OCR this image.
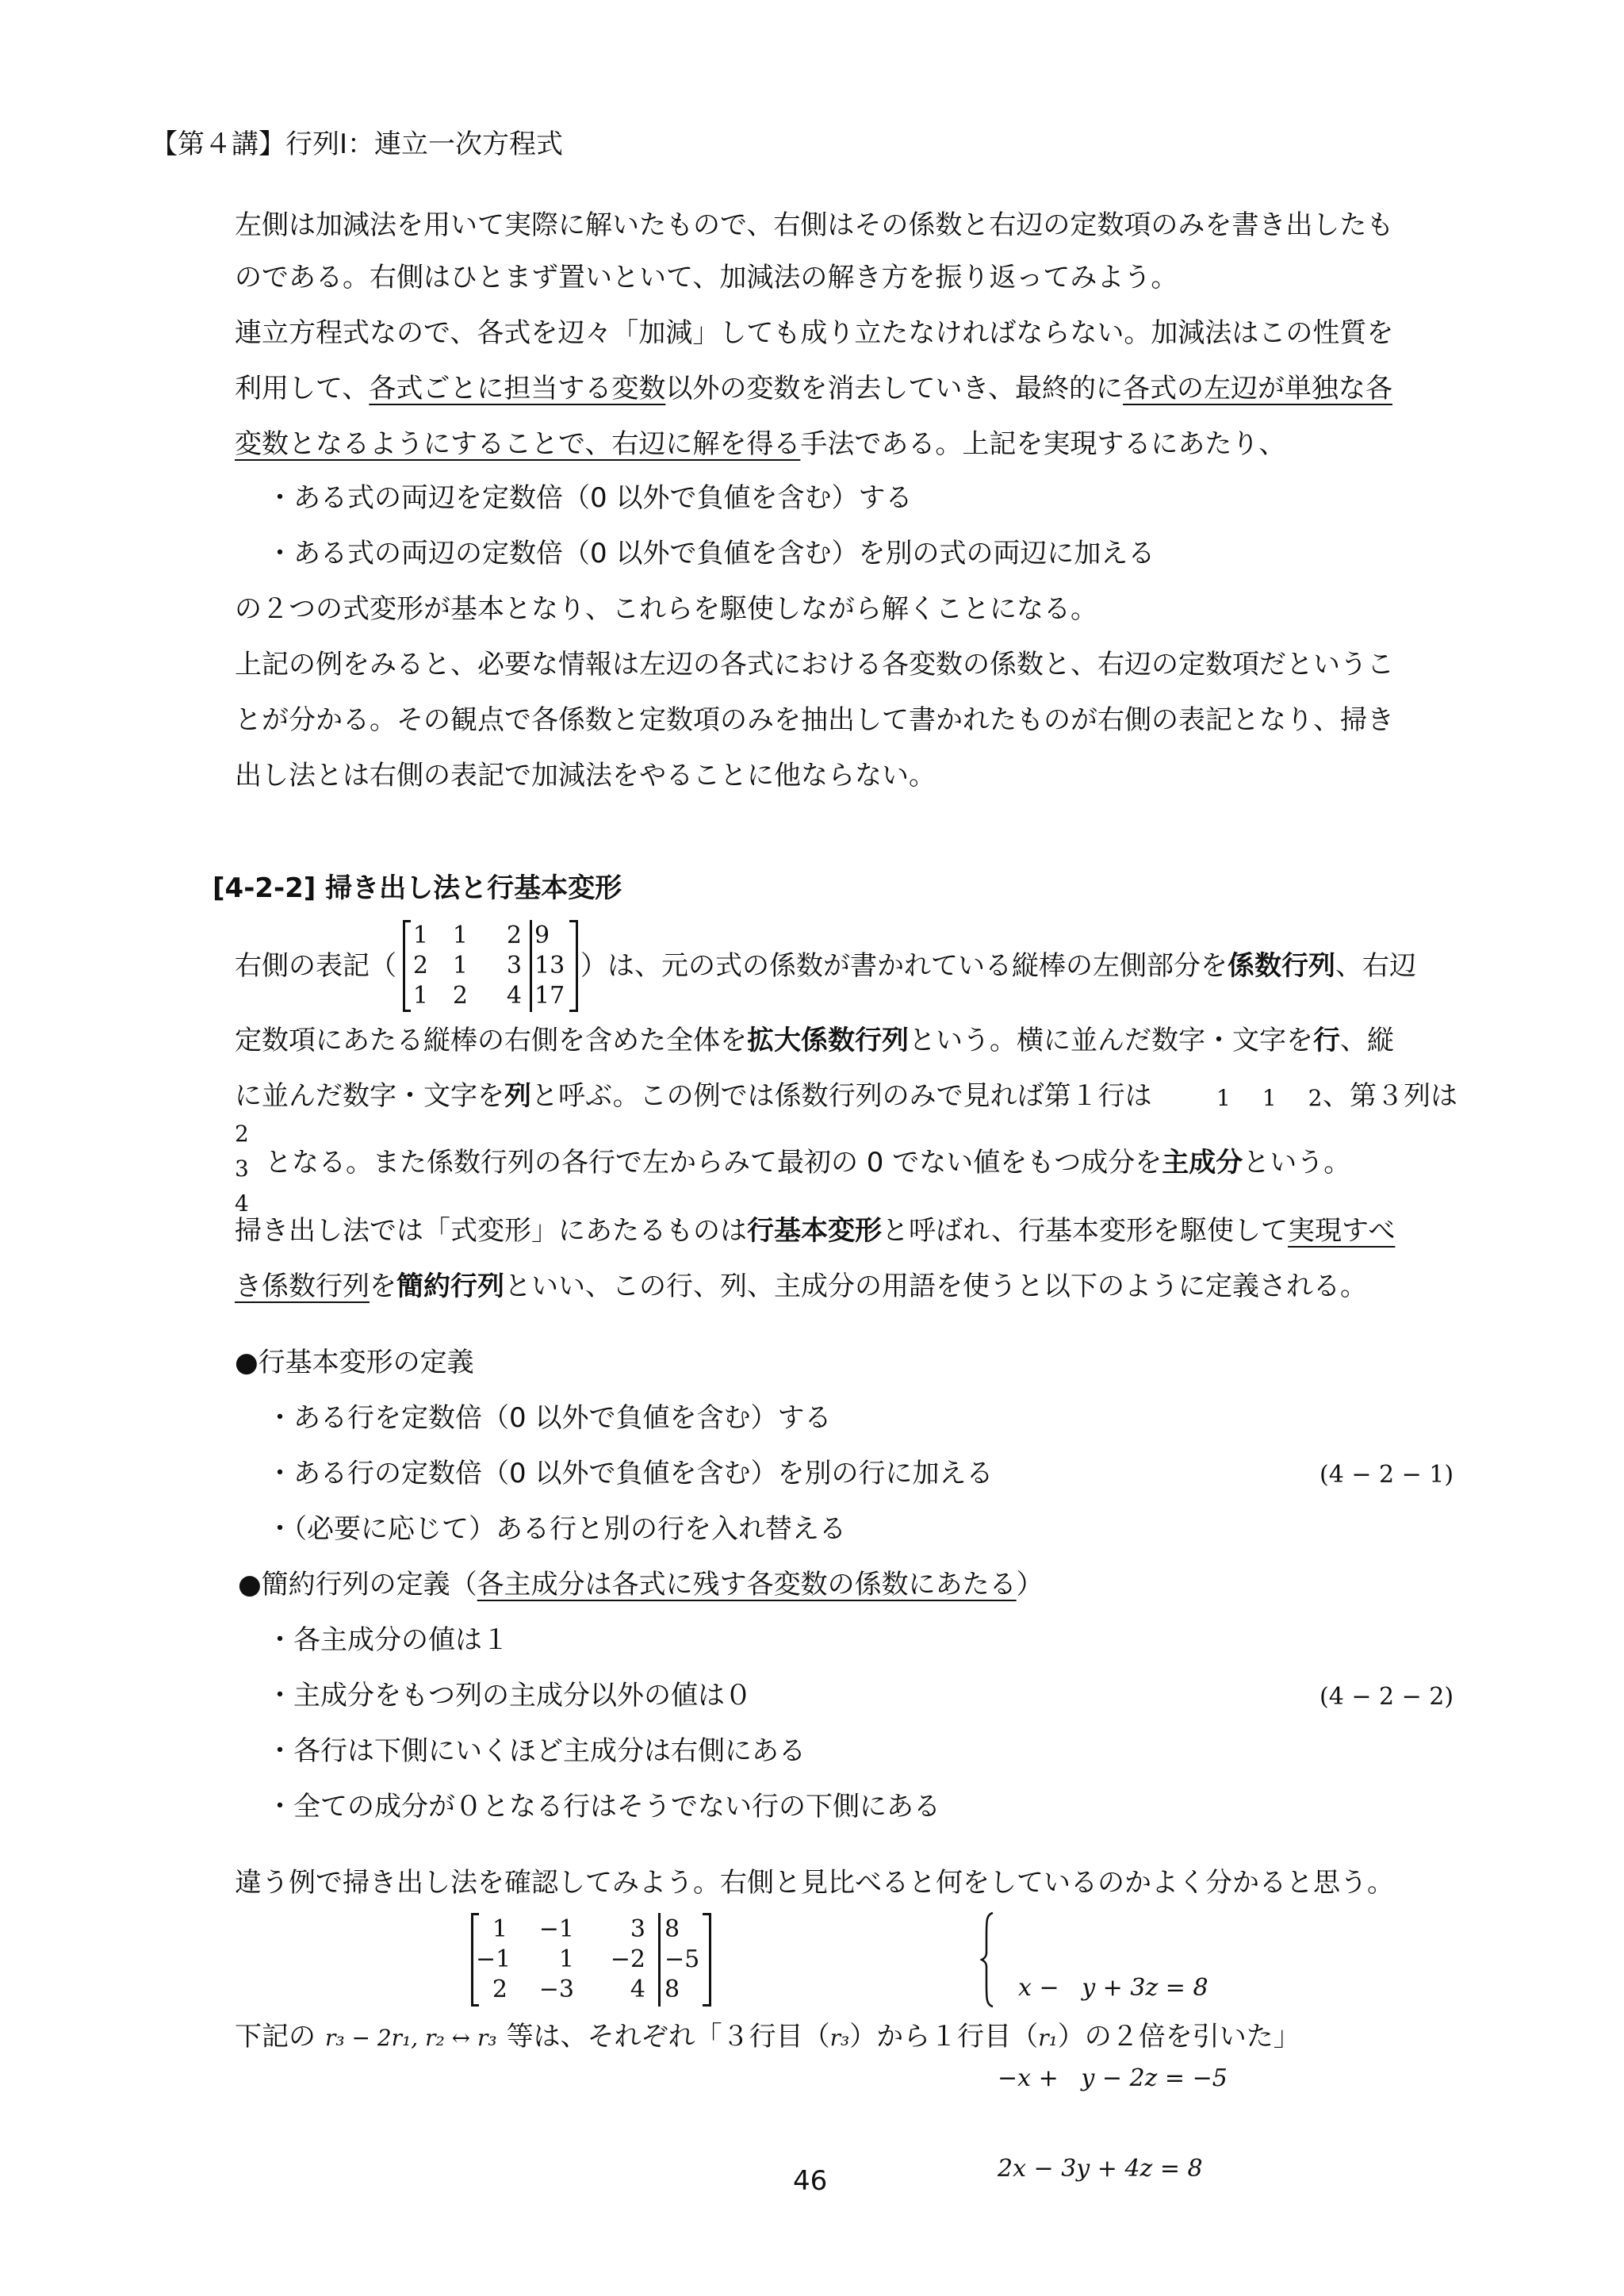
【第４講】行列Ⅰ：連立一次方程式
左側は加減法を用いて実際に解いたもので、右側はその係数と右辺の定数項のみを書き出したも
のである。右側はひとまず置いといて、加減法の解き方を振り返ってみよう。
連立方程式なので、各式を辺々「加減」しても成り立たなければならない。加減法はこの性質を
利用して、各式ごとに担当する変数以外の変数を消去していき、最終的に各式の左辺が単独な各
変数となるようにすることで、右辺に解を得る手法である。上記を実現するにあたり、
・ある式の両辺を定数倍（0 以外で負値を含む）する
・ある式の両辺の定数倍（0 以外で負値を含む）を別の式の両辺に加える
の２つの式変形が基本となり、これらを駆使しながら解くことになる。
上記の例をみると、必要な情報は左辺の各式における各変数の係数と、右辺の定数項だというこ
とが分かる。その観点で各係数と定数項のみを抽出して書かれたものが右側の表記となり、掃き
出し法とは右側の表記で加減法をやることに他ならない。
[4-2-2] 掃き出し法と行基本変形
右側の表記（
1 1	2 9
2 1	3 13
1 2	4 17
）は、元の式の係数が書かれている縦棒の左側部分を係数行列、右辺
定数項にあたる縦棒の右側を含めた全体を拡大係数行列という。横に並んだ数字・文字を行、縦
に並んだ数字・文字を列と呼ぶ。この例では係数行列のみで見れば第１行は	1 1 2 、第３列は
2
3
4
となる。また係数行列の各行で左からみて最初の 0 でない値をもつ成分を主成分という。
掃き出し法では「式変形」にあたるものは行基本変形と呼ばれ、行基本変形を駆使して実現すべ
き係数行列を簡約行列といい、この行、列、主成分の用語を使うと以下のように定義される。
●行基本変形の定義
・ある行を定数倍（0 以外で負値を含む）する
・ある行の定数倍（0 以外で負値を含む）を別の行に加える	(4 − 2 − 1)
・（必要に応じて）ある行と別の行を入れ替える
●簡約行列の定義（各主成分は各式に残す各変数の係数にあたる）
・各主成分の値は１
・主成分をもつ列の主成分以外の値は０	(4 − 2 − 2)
・各行は下側にいくほど主成分は右側にある
・全ての成分が０となる行はそうでない行の下側にある
違う例で掃き出し法を確認してみよう。右側と見比べると何をしているのかよく分かると思う。
1	−1	3 8
−1	1	−2 −5
2	−3	4 8

	x −   y + 3z = 8

−x +   y − 2z = −5

2x − 3y + 4z = 8

下記の r₃ − 2r₁, r₂ ↔ r₃ 等は、それぞれ「３行目（r₃）から１行目（r₁）の２倍を引いた」
46
